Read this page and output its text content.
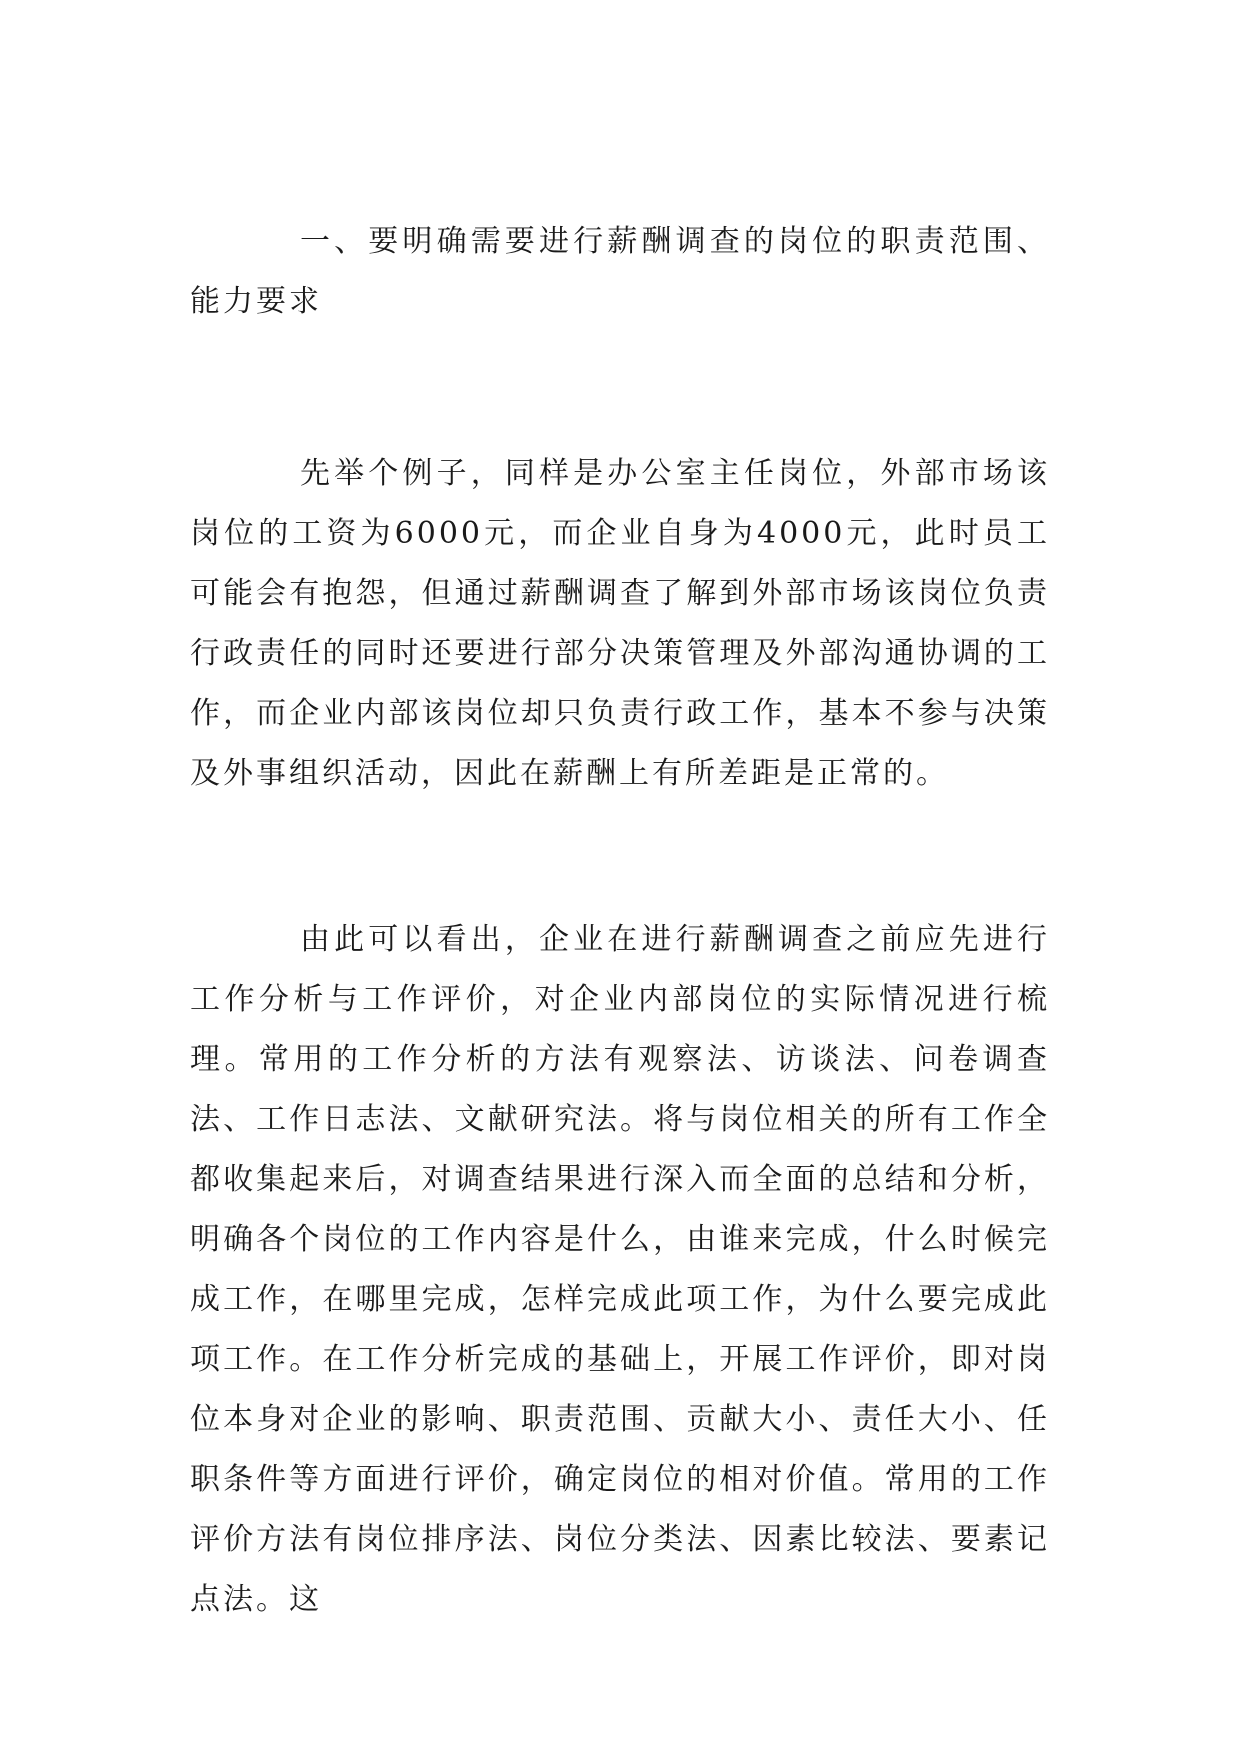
一、要明确需要进行薪酬调查的岗位的职责范围、能力要求

先举个例子，同样是办公室主任岗位，外部市场该岗位的工资为6000元，而企业自身为4000元，此时员工可能会有抱怨，但通过薪酬调查了解到外部市场该岗位负责行政责任的同时还要进行部分决策管理及外部沟通协调的工作，而企业内部该岗位却只负责行政工作，基本不参与决策及外事组织活动，因此在薪酬上有所差距是正常的。

由此可以看出，企业在进行薪酬调查之前应先进行工作分析与工作评价，对企业内部岗位的实际情况进行梳理。常用的工作分析的方法有观察法、访谈法、问卷调查法、工作日志法、文献研究法。将与岗位相关的所有工作全都收集起来后，对调查结果进行深入而全面的总结和分析，明确各个岗位的工作内容是什么，由谁来完成，什么时候完成工作，在哪里完成，怎样完成此项工作，为什么要完成此项工作。在工作分析完成的基础上，开展工作评价，即对岗位本身对企业的影响、职责范围、贡献大小、责任大小、任职条件等方面进行评价，确定岗位的相对价值。常用的工作评价方法有岗位排序法、岗位分类法、因素比较法、要素记点法。这
